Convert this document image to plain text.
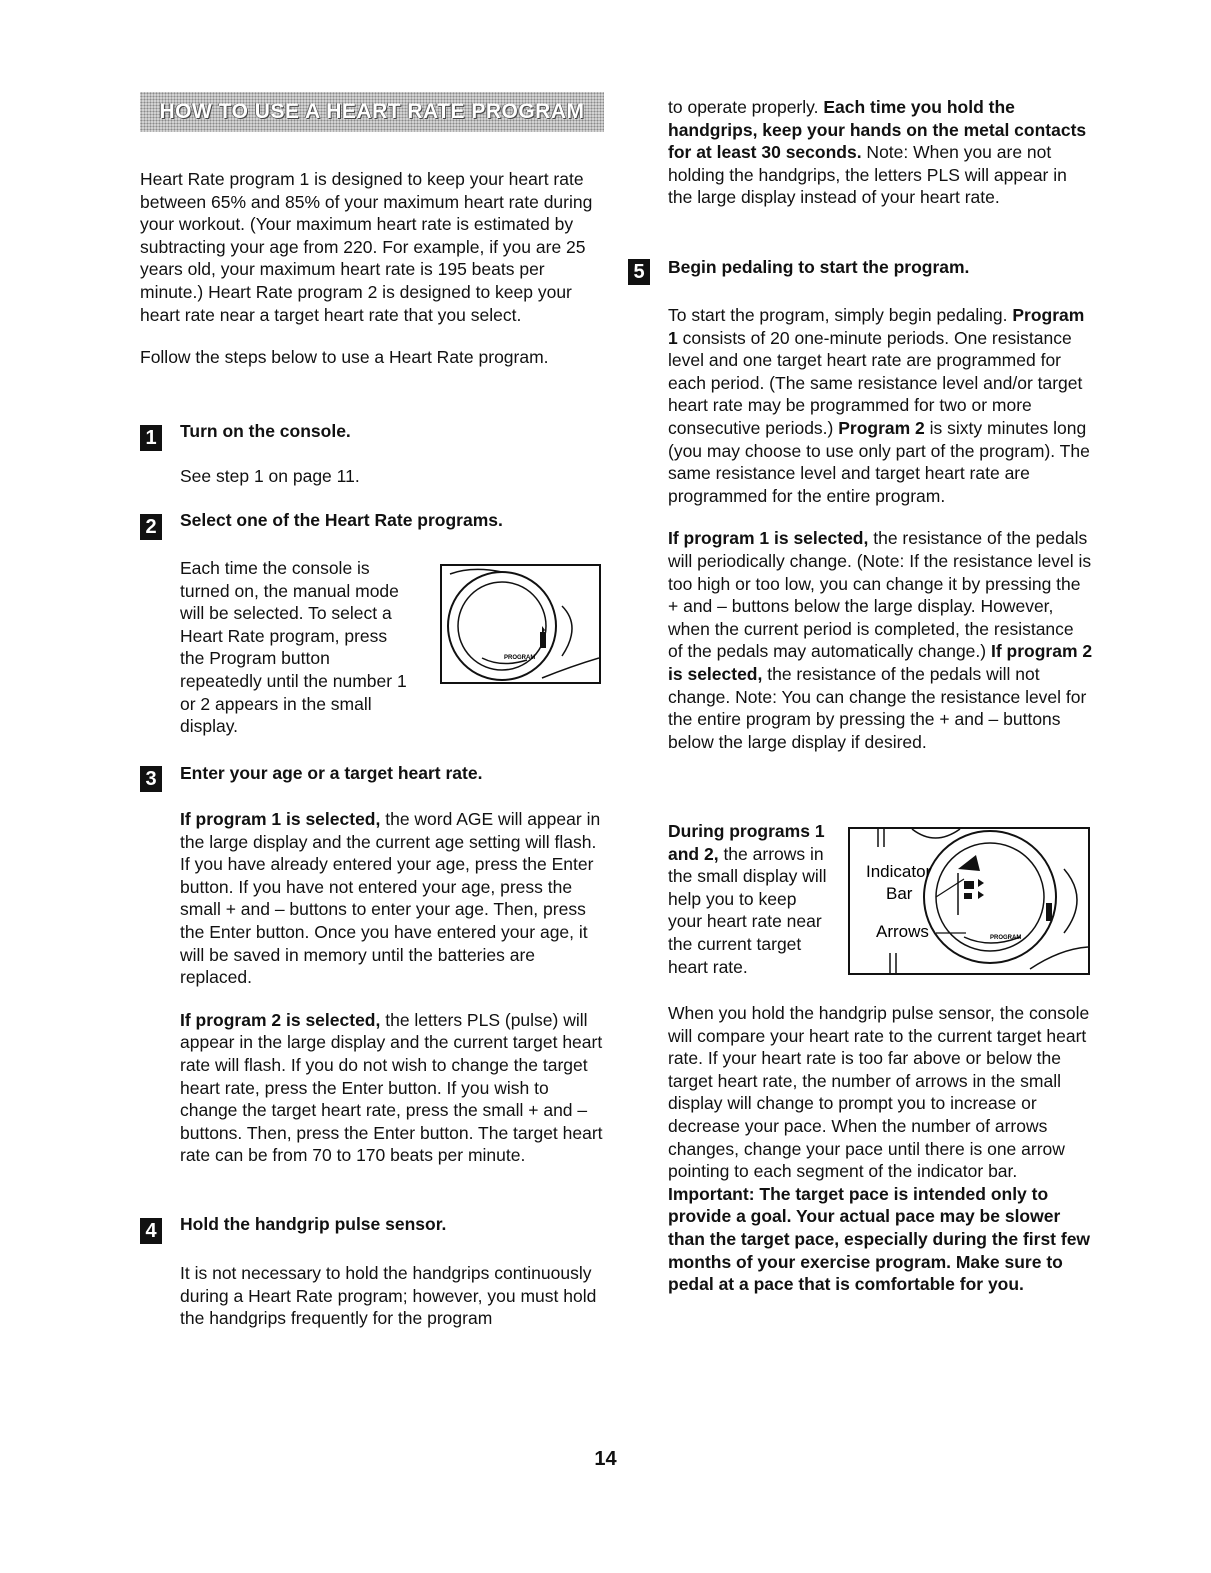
HOW TO USE A HEART RATE PROGRAM

Heart Rate program 1 is designed to keep your heart rate between 65% and 85% of your maximum heart rate during your workout. (Your maximum heart rate is estimated by subtracting your age from 220. For example, if you are 25 years old, your maximum heart rate is 195 beats per minute.) Heart Rate program 2 is designed to keep your heart rate near a target heart rate that you select.

Follow the steps below to use a Heart Rate program.

1	Turn on the console.
See step 1 on page 11.
2	Select one of the Heart Rate programs.
Each time the console is turned on, the manual mode will be selected. To select a Heart Rate program, press the Program button repeatedly until the number 1 or 2 appears in the small display.
PROGRAM
3	Enter your age or a target heart rate.

If program 1 is selected, the word AGE will appear in the large display and the current age setting will flash. If you have already entered your age, press the Enter button. If you have not entered your age, press the small + and – buttons to enter your age. Then, press the Enter button. Once you have entered your age, it will be saved in memory until the batteries are replaced.

If program 2 is selected, the letters PLS (pulse) will appear in the large display and the current target heart rate will flash. If you do not wish to change the target heart rate, press the Enter button. If you wish to change the target heart rate, press the small + and – buttons. Then, press the Enter button. The target heart rate can be from 70 to 170 beats per minute.

4	Hold the handgrip pulse sensor.
It is not necessary to hold the handgrips continuously during a Heart Rate program; however, you must hold the handgrips frequently for the program

to operate properly. Each time you hold the handgrips, keep your hands on the metal contacts for at least 30 seconds. Note: When you are not holding the handgrips, the letters PLS will appear in the large display instead of your heart rate.

5	Begin pedaling to start the program.

To start the program, simply begin pedaling. Program 1 consists of 20 one-minute periods. One resistance level and one target heart rate are programmed for each period. (The same resistance level and/or target heart rate may be programmed for two or more consecutive periods.) Program 2 is sixty minutes long (you may choose to use only part of the program). The same resistance level and target heart rate are programmed for the entire program.

If program 1 is selected, the resistance of the pedals will periodically change. (Note: If the resistance level is too high or too low, you can change it by pressing the + and – buttons below the large display. However, when the current period is completed, the resistance of the pedals may automatically change.) If program 2 is selected, the resistance of the pedals will not change. Note: You can change the resistance level for the entire program by pressing the + and – buttons below the large display if desired.

During programs 1 and 2, the arrows in the small display will help you to keep your heart rate near the current target heart rate.
Indicator
Bar
Arrows	PROGRAM
When you hold the handgrip pulse sensor, the console will compare your heart rate to the current target heart rate. If your heart rate is too far above or below the target heart rate, the number of arrows in the small display will change to prompt you to increase or decrease your pace. When the number of arrows changes, change your pace until there is one arrow pointing to each segment of the indicator bar. Important: The target pace is intended only to provide a goal. Your actual pace may be slower than the target pace, especially during the first few months of your exercise program. Make sure to pedal at a pace that is comfortable for you.
14
